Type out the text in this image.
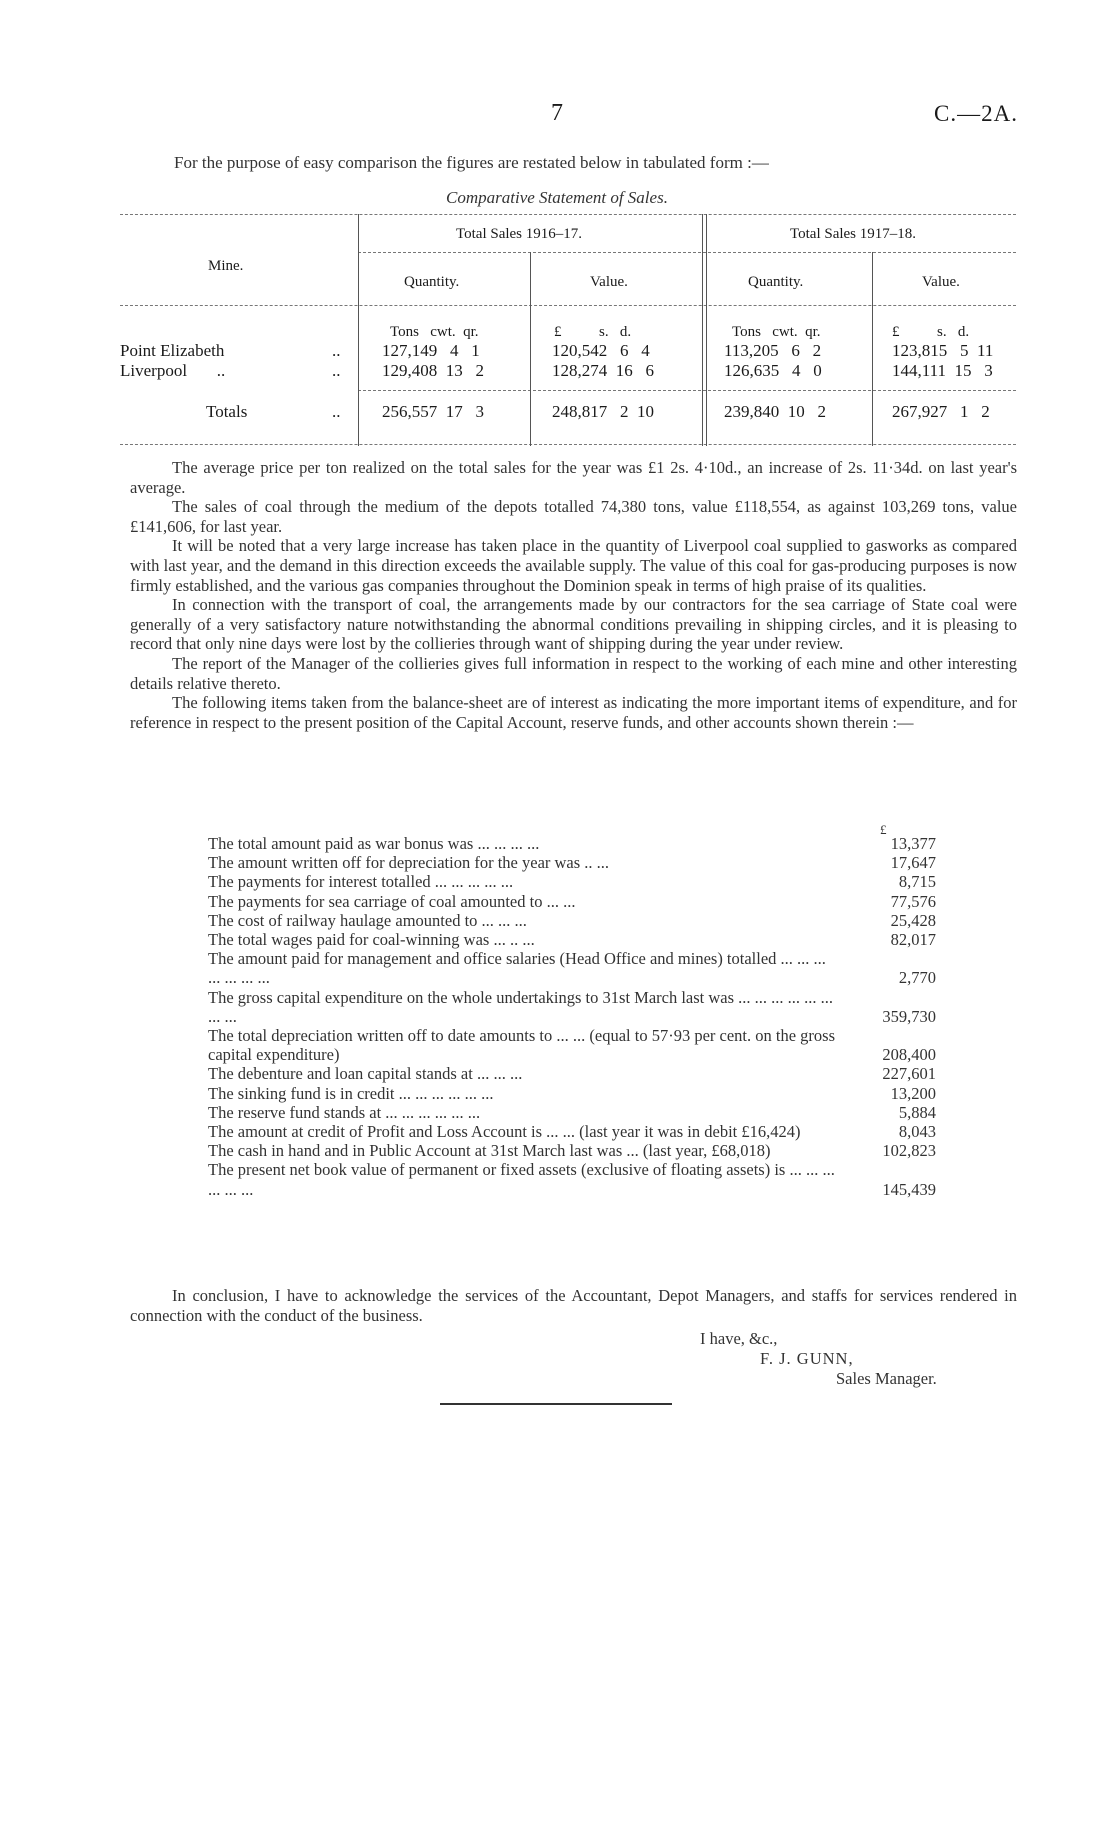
7	C.—2A.
For the purpose of easy comparison the figures are restated below in tabulated form :—
Comparative Statement of Sales.
Mine.
Total Sales 1916–17.	Total Sales 1917–18.
Quantity.	Value.	Quantity.	Value.
Tons   cwt.  qr.	£          s.   d.	Tons   cwt.  qr.	£          s.   d.
Point Elizabeth	.. 127,149   4   1	120,542   6   4	113,205   6   2	123,815   5  11
Liverpool       ..	.. 129,408  13   2	128,274  16   6	126,635   4   0	144,111  15   3
Totals	.. 256,557  17   3	248,817   2  10	239,840  10   2	267,927   1   2

The average price per ton realized on the total sales for the year was £1 2s. 4·10d., an increase of 2s. 11·34d. on last year's average.

The sales of coal through the medium of the depots totalled 74,380 tons, value £118,554, as against 103,269 tons, value £141,606, for last year.

It will be noted that a very large increase has taken place in the quantity of Liverpool coal supplied to gasworks as compared with last year, and the demand in this direction exceeds the available supply. The value of this coal for gas-producing purposes is now firmly established, and the various gas companies throughout the Dominion speak in terms of high praise of its qualities.

In connection with the transport of coal, the arrangements made by our contractors for the sea carriage of State coal were generally of a very satisfactory nature notwithstanding the abnormal conditions prevailing in shipping circles, and it is pleasing to record that only nine days were lost by the collieries through want of shipping during the year under review.

The report of the Manager of the collieries gives full information in respect to the working of each mine and other interesting details relative thereto.

The following items taken from the balance-sheet are of interest as indicating the more important items of expenditure, and for reference in respect to the present position of the Capital Account, reserve funds, and other accounts shown therein :—

£
The total amount paid as war bonus was ... ... ... ...	13,377
The amount written off for depreciation for the year was .. ...	17,647
The payments for interest totalled ... ... ... ... ...	8,715
The payments for sea carriage of coal amounted to ... ...	77,576
The cost of railway haulage amounted to ... ... ...	25,428
The total wages paid for coal-winning was ... .. ...	82,017
The amount paid for management and office salaries (Head Office and mines) totalled ... ... ... ... ... ... ...	2,770
The gross capital expenditure on the whole undertakings to 31st March last was ... ... ... ... ... ... ... ...	359,730
The total depreciation written off to date amounts to ... ... (equal to 57·93 per cent. on the gross capital expenditure)	208,400
The debenture and loan capital stands at ... ... ...	227,601
The sinking fund is in credit ... ... ... ... ... ...	13,200
The reserve fund stands at ... ... ... ... ... ...	5,884
The amount at credit of Profit and Loss Account is ... ... (last year it was in debit £16,424)	8,043
The cash in hand and in Public Account at 31st March last was ... (last year, £68,018)	102,823
The present net book value of permanent or fixed assets (exclusive of floating assets) is ... ... ... ... ... ...	145,439

In conclusion, I have to acknowledge the services of the Accountant, Depot Managers, and staffs for services rendered in connection with the conduct of the business.

I have, &c.,
F. J. GUNN,
Sales Manager.
